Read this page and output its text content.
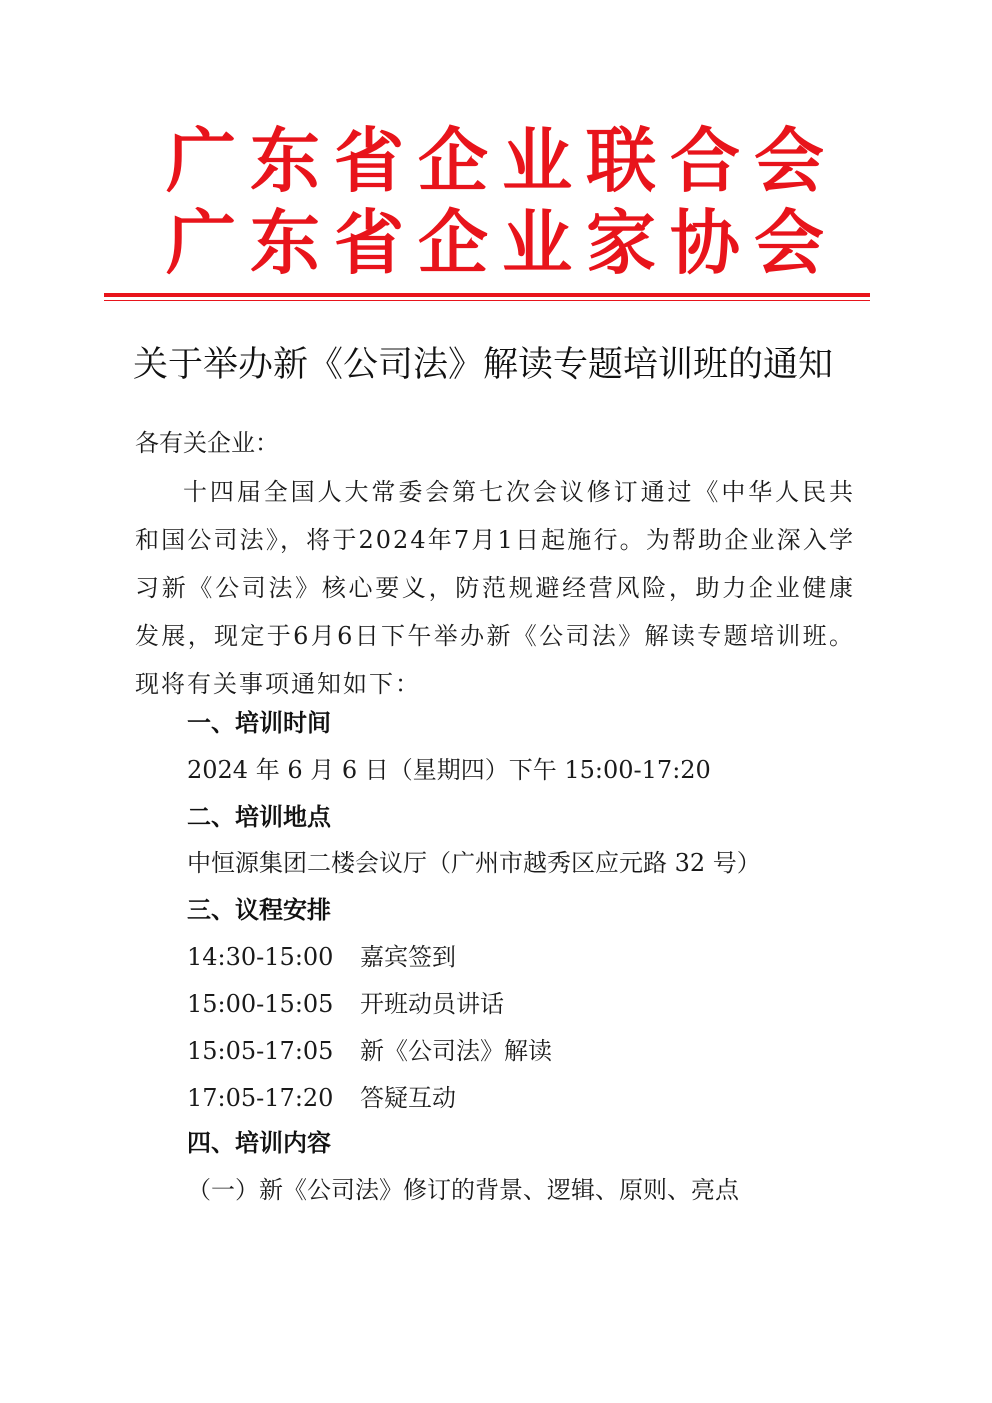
广 东 省 企 业 联 合 会
广 东 省 企 业 家 协 会
关于举办新《公司法》解读专题培训班的通知
各有关企业：
十四届全国人大常委会第七次会议修订通过《中华人民共和国公司法》，将于2024年7月1日起施行。为帮助企业深入学习新《公司法》核心要义，防范规避经营风险，助力企业健康发展，现定于6月6日下午举办新《公司法》解读专题培训班。现将有关事项通知如下：
一、培训时间
2024 年 6 月 6 日（星期四）下午 15:00-17:20
二、培训地点
中恒源集团二楼会议厅（广州市越秀区应元路 32 号）
三、议程安排
14:30-15:00 嘉宾签到
15:00-15:05 开班动员讲话
15:05-17:05 新《公司法》解读
17:05-17:20 答疑互动
四、培训内容
（一）新《公司法》修订的背景、逻辑、原则、亮点
